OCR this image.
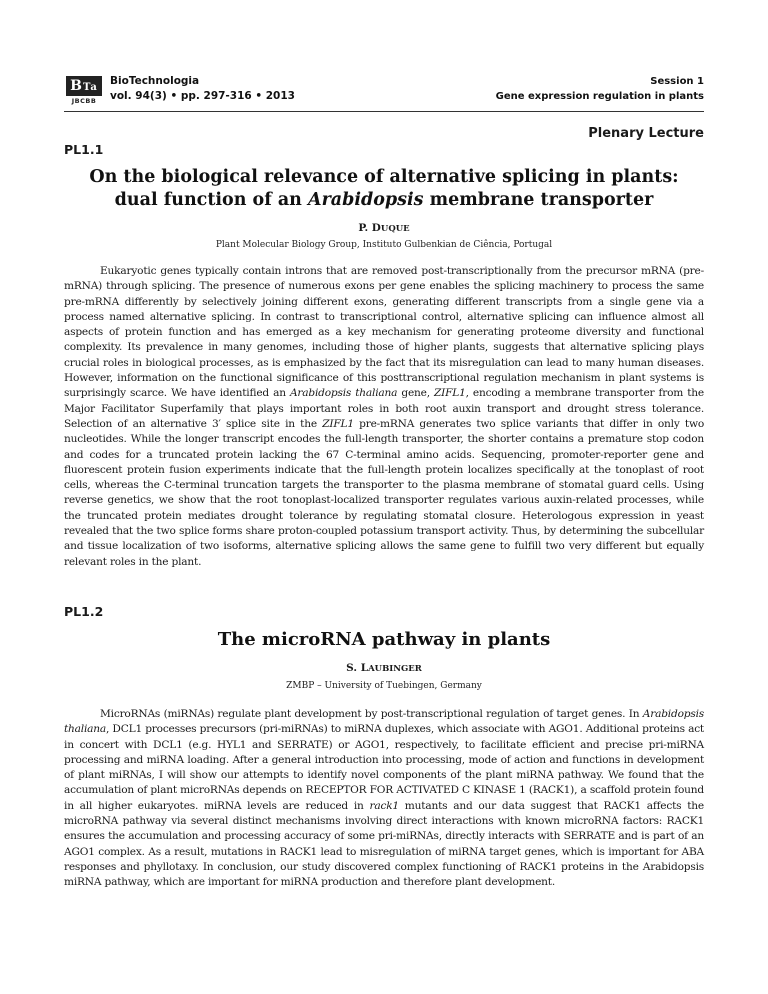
BTa
JBCBB
BioTechnologia
vol. 94(3) • pp. 297-316 • 2013
Session 1
Gene expression regulation in plants
Plenary Lecture
PL1.1
On the biological relevance of alternative splicing in plants:
dual function of an Arabidopsis membrane transporter
P. DUQUE
Plant Molecular Biology Group, Instituto Gulbenkian de Ciência, Portugal

Eukaryotic genes typically contain introns that are removed post-transcriptionally from the precursor mRNA (pre-mRNA) through splicing. The presence of numerous exons per gene enables the splicing machinery to process the same pre-mRNA differently by selectively joining different exons, generating different transcripts from a single gene via a process named alternative splicing. In contrast to transcriptional control, alternative splicing can influence almost all aspects of protein function and has emerged as a key mechanism for generating proteome diversity and functional complexity. Its prevalence in many genomes, including those of higher plants, suggests that alternative splicing plays crucial roles in biological processes, as is emphasized by the fact that its misregulation can lead to many human diseases. However, information on the functional significance of this posttranscriptional regulation mechanism in plant systems is surprisingly scarce. We have identified an Arabidopsis thaliana gene, ZIFL1, encoding a membrane transporter from the Major Facilitator Superfamily that plays important roles in both root auxin transport and drought stress tolerance. Selection of an alternative 3′ splice site in the ZIFL1 pre-mRNA generates two splice variants that differ in only two nucleotides. While the longer transcript encodes the full-length transporter, the shorter contains a premature stop codon and codes for a truncated protein lacking the 67 C-terminal amino acids. Sequencing, promoter-reporter gene and fluorescent protein fusion experiments indicate that the full-length protein localizes specifically at the tonoplast of root cells, whereas the C-terminal truncation targets the transporter to the plasma membrane of stomatal guard cells. Using reverse genetics, we show that the root tonoplast-localized transporter regulates various auxin-related processes, while the truncated protein mediates drought tolerance by regulating stomatal closure. Heterologous expression in yeast revealed that the two splice forms share proton-coupled potassium transport activity. Thus, by determining the subcellular and tissue localization of two isoforms, alternative splicing allows the same gene to fulfill two very different but equally relevant roles in the plant.

PL1.2
The microRNA pathway in plants
S. LAUBINGER
ZMBP – University of Tuebingen, Germany

MicroRNAs (miRNAs) regulate plant development by post-transcriptional regulation of target genes. In Arabidopsis thaliana, DCL1 processes precursors (pri-miRNAs) to miRNA duplexes, which associate with AGO1. Additional proteins act in concert with DCL1 (e.g. HYL1 and SERRATE) or AGO1, respectively, to facilitate efficient and precise pri-miRNA processing and miRNA loading. After a general introduction into processing, mode of action and functions in development of plant miRNAs, I will show our attempts to identify novel components of the plant miRNA pathway. We found that the accumulation of plant microRNAs depends on RECEPTOR FOR ACTIVATED C KINASE 1 (RACK1), a scaffold protein found in all higher eukaryotes. miRNA levels are reduced in rack1 mutants and our data suggest that RACK1 affects the microRNA pathway via several distinct mechanisms involving direct interactions with known microRNA factors: RACK1 ensures the accumulation and processing accuracy of some pri-miRNAs, directly interacts with SERRATE and is part of an AGO1 complex. As a result, mutations in RACK1 lead to misregulation of miRNA target genes, which is important for ABA responses and phyllotaxy. In conclusion, our study discovered complex functioning of RACK1 proteins in the Arabidopsis miRNA pathway, which are important for miRNA production and therefore plant development.
